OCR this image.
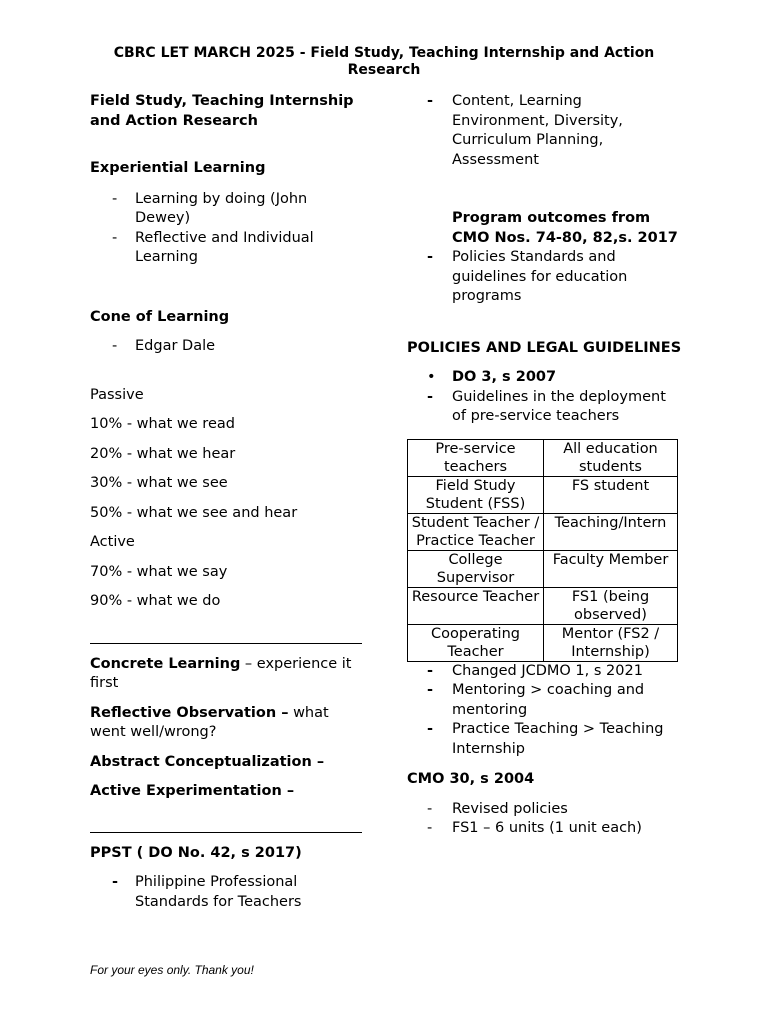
CBRC LET MARCH 2025 - Field Study, Teaching Internship and Action Research

Field Study, Teaching Internship and Action Research

Experiential Learning

- Learning by doing (John Dewey)
- Reflective and Individual Learning

Cone of Learning

- Edgar Dale

Passive

10% - what we read

20% - what we hear

30% - what we see

50% - what we see and hear

Active

70% - what we say

90% - what we do

Concrete Learning – experience it first

Reflective Observation – what went well/wrong?

Abstract Conceptualization –

Active Experimentation –

PPST ( DO No. 42, s 2017)

- Philippine Professional Standards for Teachers
- Content, Learning Environment, Diversity, Curriculum Planning, Assessment

Program outcomes from CMO Nos. 74-80, 82,s. 2017

- Policies Standards and guidelines for education programs

POLICIES AND LEGAL GUIDELINES

• DO 3, s 2007
- Guidelines in the deployment of pre-service teachers
Pre-service teachers	All education students
Field Study Student (FSS)	FS student
Student Teacher / Practice Teacher	Teaching/Intern
College Supervisor	Faculty Member
Resource Teacher	FS1 (being observed)
Cooperating Teacher	Mentor (FS2 / Internship)
- Changed JCDMO 1, s 2021
- Mentoring > coaching and mentoring
- Practice Teaching > Teaching Internship

CMO 30, s 2004

- Revised policies
- FS1 – 6 units (1 unit each)
For your eyes only. Thank you!
